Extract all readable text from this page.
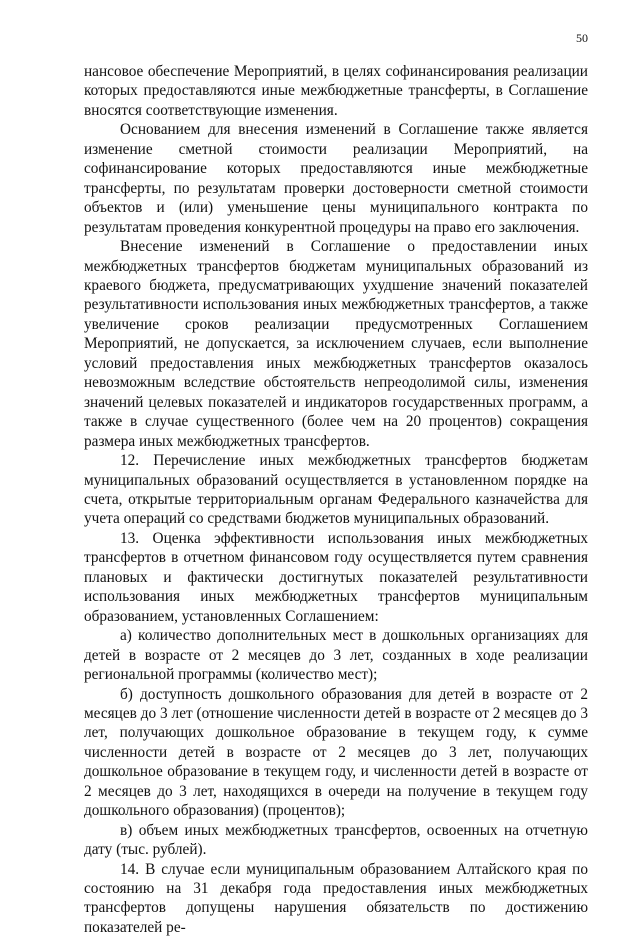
50

нансовое обеспечение Мероприятий, в целях софинансирования реализации которых предоставляются иные межбюджетные трансферты, в Соглашение вносятся соответствующие изменения.

Основанием для внесения изменений в Соглашение также является изменение сметной стоимости реализации Мероприятий, на софинансирование которых предоставляются иные межбюджетные трансферты, по результатам проверки достоверности сметной стоимости объектов и (или) уменьшение цены муниципального контракта по результатам проведения конкурентной процедуры на право его заключения.

Внесение изменений в Соглашение о предоставлении иных межбюджетных трансфертов бюджетам муниципальных образований из краевого бюджета, предусматривающих ухудшение значений показателей результативности использования иных межбюджетных трансфертов, а также увеличение сроков реализации предусмотренных Соглашением Мероприятий, не допускается, за исключением случаев, если выполнение условий предоставления иных межбюджетных трансфертов оказалось невозможным вследствие обстоятельств непреодолимой силы, изменения значений целевых показателей и индикаторов государственных программ, а также в случае существенного (более чем на 20 процентов) сокращения размера иных межбюджетных трансфертов.

12. Перечисление иных межбюджетных трансфертов бюджетам муниципальных образований осуществляется в установленном порядке на счета, открытые территориальным органам Федерального казначейства для учета операций со средствами бюджетов муниципальных образований.

13. Оценка эффективности использования иных межбюджетных трансфертов в отчетном финансовом году осуществляется путем сравнения плановых и фактически достигнутых показателей результативности использования иных межбюджетных трансфертов муниципальным образованием, установленных Соглашением:

а) количество дополнительных мест в дошкольных организациях для детей в возрасте от 2 месяцев до 3 лет, созданных в ходе реализации региональной программы (количество мест);

б) доступность дошкольного образования для детей в возрасте от 2 месяцев до 3 лет (отношение численности детей в возрасте от 2 месяцев до 3 лет, получающих дошкольное образование в текущем году, к сумме численности детей в возрасте от 2 месяцев до 3 лет, получающих дошкольное образование в текущем году, и численности детей в возрасте от 2 месяцев до 3 лет, находящихся в очереди на получение в текущем году дошкольного образования) (процентов);

в) объем иных межбюджетных трансфертов, освоенных на отчетную дату (тыс. рублей).

14. В случае если муниципальным образованием Алтайского края по состоянию на 31 декабря года предоставления иных межбюджетных трансфертов допущены нарушения обязательств по достижению показателей ре-
